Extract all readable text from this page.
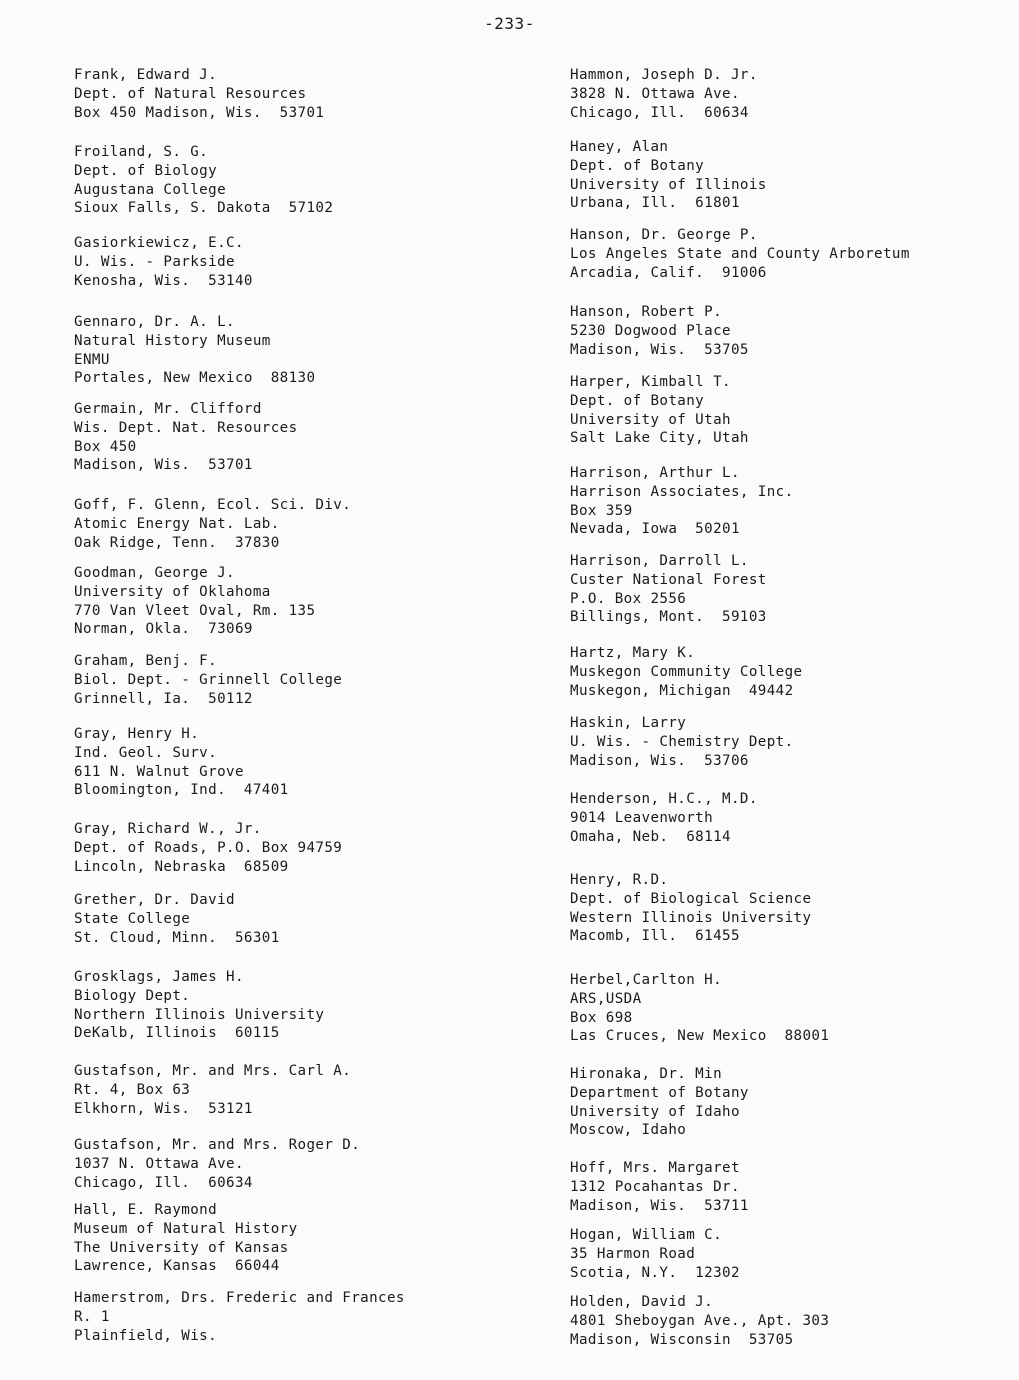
-233-
Frank, Edward J.
Dept. of Natural Resources
Box 450 Madison, Wis.  53701
Froiland, S. G.
Dept. of Biology
Augustana College
Sioux Falls, S. Dakota  57102
Gasiorkiewicz, E.C.
U. Wis. - Parkside
Kenosha, Wis.  53140
Gennaro, Dr. A. L.
Natural History Museum
ENMU
Portales, New Mexico  88130
Germain, Mr. Clifford
Wis. Dept. Nat. Resources
Box 450
Madison, Wis.  53701
Goff, F. Glenn, Ecol. Sci. Div.
Atomic Energy Nat. Lab.
Oak Ridge, Tenn.  37830
Goodman, George J.
University of Oklahoma
770 Van Vleet Oval, Rm. 135
Norman, Okla.  73069
Graham, Benj. F.
Biol. Dept. - Grinnell College
Grinnell, Ia.  50112
Gray, Henry H.
Ind. Geol. Surv.
611 N. Walnut Grove
Bloomington, Ind.  47401
Gray, Richard W., Jr.
Dept. of Roads, P.O. Box 94759
Lincoln, Nebraska  68509
Grether, Dr. David
State College
St. Cloud, Minn.  56301
Grosklags, James H.
Biology Dept.
Northern Illinois University
DeKalb, Illinois  60115
Gustafson, Mr. and Mrs. Carl A.
Rt. 4, Box 63
Elkhorn, Wis.  53121
Gustafson, Mr. and Mrs. Roger D.
1037 N. Ottawa Ave.
Chicago, Ill.  60634
Hall, E. Raymond
Museum of Natural History
The University of Kansas
Lawrence, Kansas  66044
Hamerstrom, Drs. Frederic and Frances
R. 1
Plainfield, Wis.
Hammon, Joseph D. Jr.
3828 N. Ottawa Ave.
Chicago, Ill.  60634
Haney, Alan
Dept. of Botany
University of Illinois
Urbana, Ill.  61801
Hanson, Dr. George P.
Los Angeles State and County Arboretum
Arcadia, Calif.  91006
Hanson, Robert P.
5230 Dogwood Place
Madison, Wis.  53705
Harper, Kimball T.
Dept. of Botany
University of Utah
Salt Lake City, Utah
Harrison, Arthur L.
Harrison Associates, Inc.
Box 359
Nevada, Iowa  50201
Harrison, Darroll L.
Custer National Forest
P.O. Box 2556
Billings, Mont.  59103
Hartz, Mary K.
Muskegon Community College
Muskegon, Michigan  49442
Haskin, Larry
U. Wis. - Chemistry Dept.
Madison, Wis.  53706
Henderson, H.C., M.D.
9014 Leavenworth
Omaha, Neb.  68114
Henry, R.D.
Dept. of Biological Science
Western Illinois University
Macomb, Ill.  61455
Herbel,Carlton H.
ARS,USDA
Box 698
Las Cruces, New Mexico  88001
Hironaka, Dr. Min
Department of Botany
University of Idaho
Moscow, Idaho
Hoff, Mrs. Margaret
1312 Pocahantas Dr.
Madison, Wis.  53711
Hogan, William C.
35 Harmon Road
Scotia, N.Y.  12302
Holden, David J.
4801 Sheboygan Ave., Apt. 303
Madison, Wisconsin  53705
